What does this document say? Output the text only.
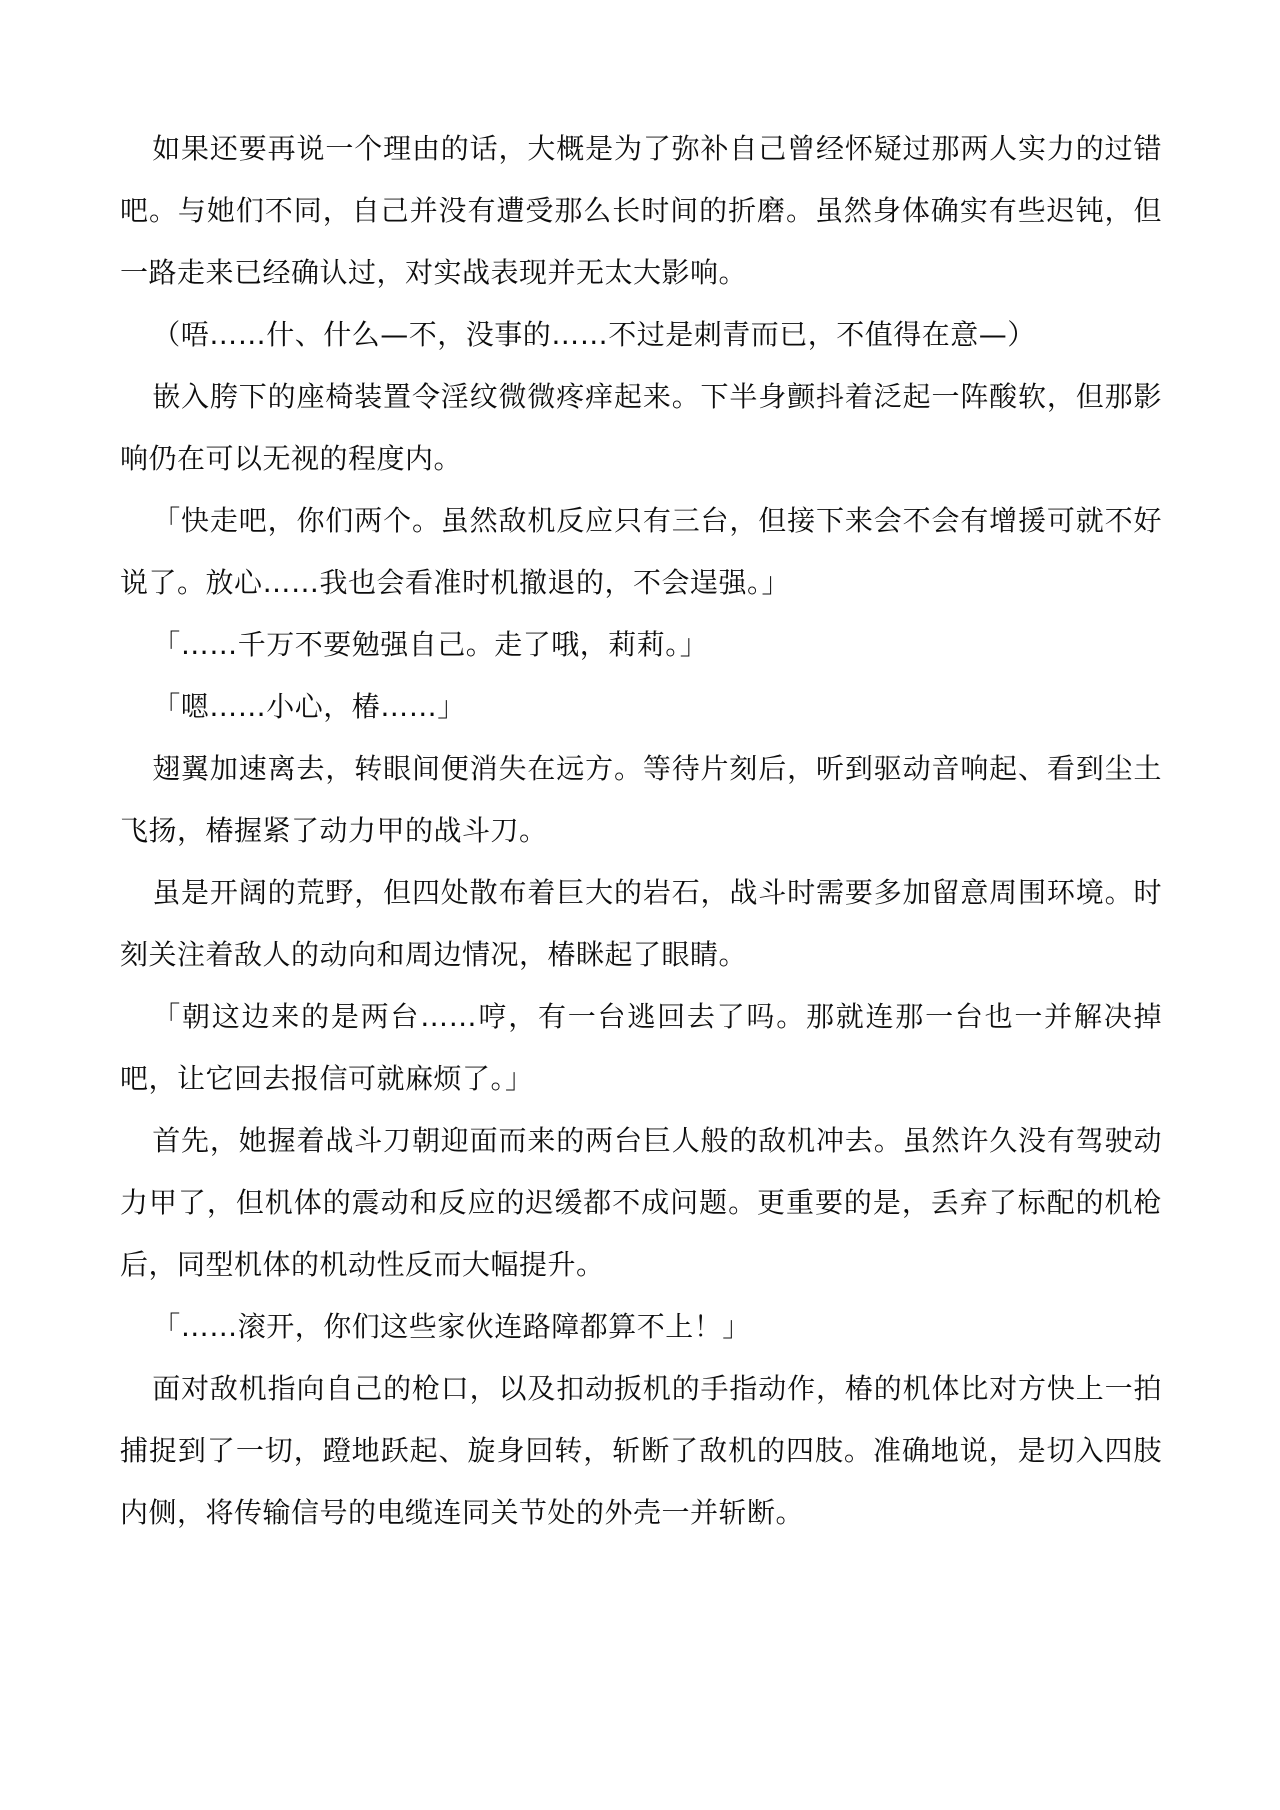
如果还要再说一个理由的话，大概是为了弥补自己曾经怀疑过那两人实力的过错吧。与她们不同，自己并没有遭受那么长时间的折磨。虽然身体确实有些迟钝，但一路走来已经确认过，对实战表现并无太大影响。

（唔……什、什么—不，没事的……不过是刺青而已，不值得在意—）

嵌入胯下的座椅装置令淫纹微微疼痒起来。下半身颤抖着泛起一阵酸软，但那影响仍在可以无视的程度内。

「快走吧，你们两个。虽然敌机反应只有三台，但接下来会不会有增援可就不好说了。放心……我也会看准时机撤退的，不会逞强。」

「……千万不要勉强自己。走了哦，莉莉。」

「嗯……小心，椿……」

翅翼加速离去，转眼间便消失在远方。等待片刻后，听到驱动音响起、看到尘土飞扬，椿握紧了动力甲的战斗刀。

虽是开阔的荒野，但四处散布着巨大的岩石，战斗时需要多加留意周围环境。时刻关注着敌人的动向和周边情况，椿眯起了眼睛。

「朝这边来的是两台……哼，有一台逃回去了吗。那就连那一台也一并解决掉吧，让它回去报信可就麻烦了。」

首先，她握着战斗刀朝迎面而来的两台巨人般的敌机冲去。虽然许久没有驾驶动力甲了，但机体的震动和反应的迟缓都不成问题。更重要的是，丢弃了标配的机枪后，同型机体的机动性反而大幅提升。

「……滚开，你们这些家伙连路障都算不上！」

面对敌机指向自己的枪口，以及扣动扳机的手指动作，椿的机体比对方快上一拍捕捉到了一切，蹬地跃起、旋身回转，斩断了敌机的四肢。准确地说，是切入四肢内侧，将传输信号的电缆连同关节处的外壳一并斩断。
